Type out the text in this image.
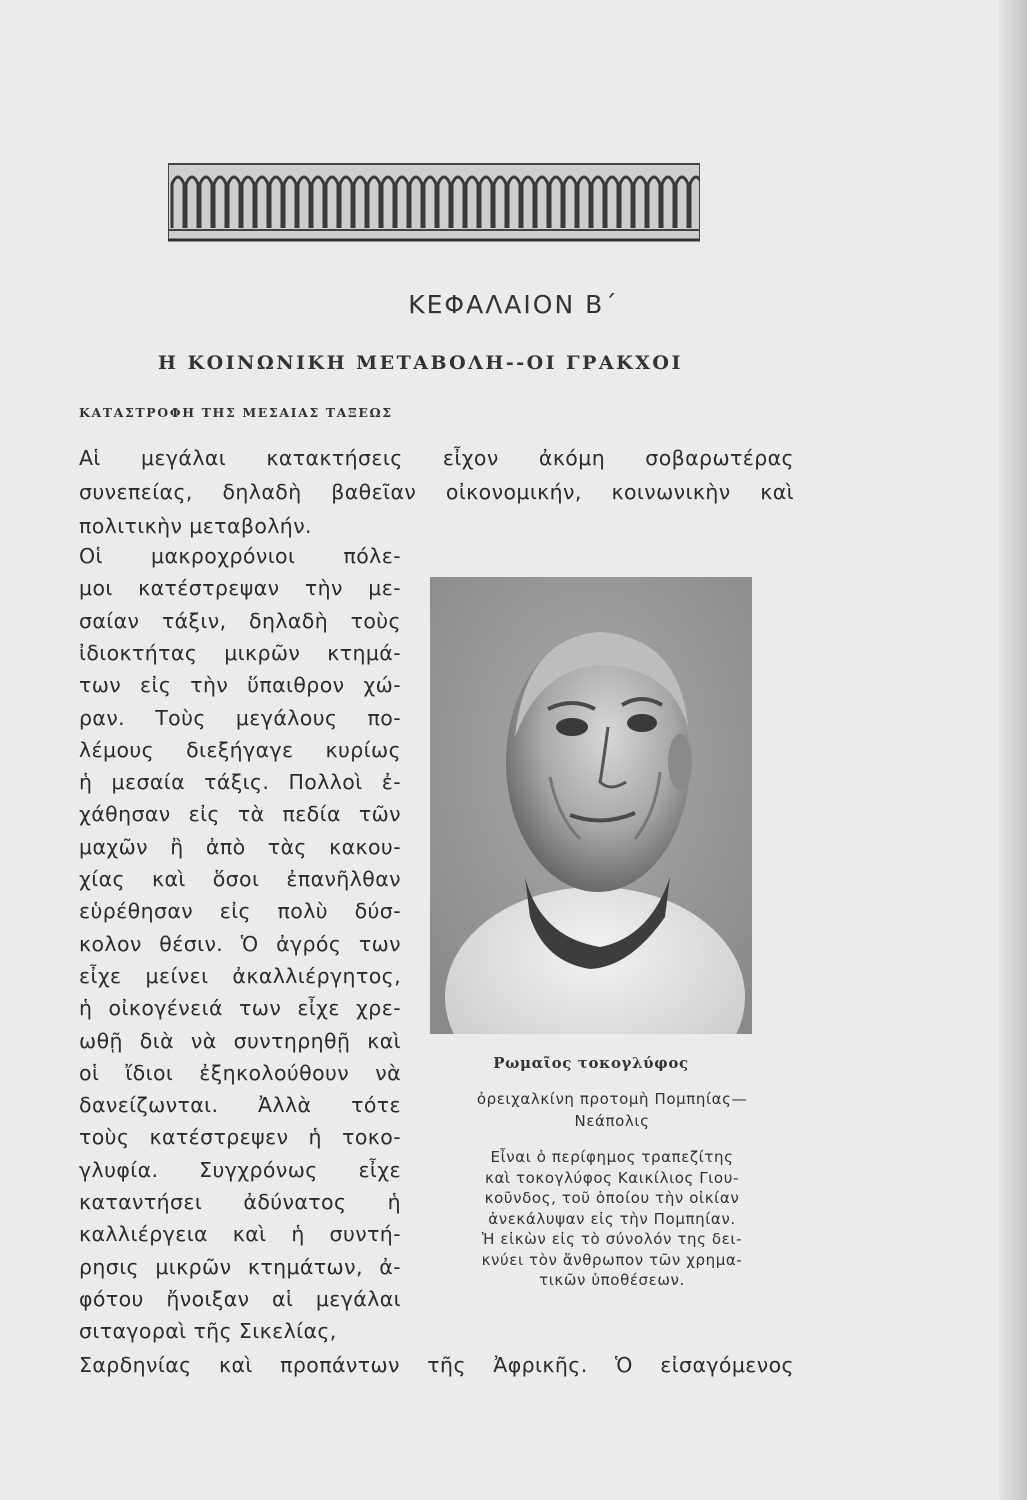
ΚΕΦΑΛΑΙΟΝ Β΄
Η ΚΟΙΝΩΝΙΚΗ ΜΕΤΑΒΟΛΗ--ΟΙ ΓΡΑΚΧΟΙ
ΚΑΤΑΣΤΡΟΦΗ ΤΗΣ ΜΕΣΑΙΑΣ ΤΑΞΕΩΣ
Αἱ μεγάλαι κατακτήσεις εἶχον ἀκόμη σοβαρωτέρας
συνεπείας, δηλαδὴ βαθεῖαν οἰκονομικήν, κοινωνικὴν καὶ
πολιτικὴν μεταβολήν.
Οἱ μακροχρόνιοι πόλε-
μοι κατέστρεψαν τὴν με-
σαίαν τάξιν, δηλαδὴ τοὺς
ἰδιοκτήτας μικρῶν κτημά-
των εἰς τὴν ὕπαιθρον χώ-
ραν. Τοὺς μεγάλους πο-
λέμους διεξήγαγε κυρίως
ἡ μεσαία τάξις. Πολλοὶ ἐ-
χάθησαν εἰς τὰ πεδία τῶν
μαχῶν ἢ ἀπὸ τὰς κακου-
χίας καὶ ὅσοι ἐπανῆλθαν
εὑρέθησαν εἰς πολὺ δύσ-
κολον θέσιν. Ὁ ἀγρός των
εἶχε μείνει ἀκαλλιέργητος,
ἡ οἰκογένειά των εἶχε χρε-
ωθῇ διὰ νὰ συντηρηθῇ καὶ
οἱ ἴδιοι ἐξηκολούθουν νὰ
δανείζωνται. Ἀλλὰ τότε
τοὺς κατέστρεψεν ἡ τοκο-
γλυφία. Συγχρόνως εἶχε
καταντήσει ἀδύνατος ἡ
καλλιέργεια καὶ ἡ συντή-
ρησις μικρῶν κτημάτων, ἀ-
φότου ἤνοιξαν αἱ μεγάλαι
σιταγοραὶ τῆς Σικελίας,
Ρωμαῖος τοκογλύφος
ὀρειχαλκίνη προτομὴ Πομπηίας—
Νεάπολις
Εἶναι ὁ περίφημος τραπεζίτης
καὶ τοκογλύφος Καικίλιος Γιου-
κοῦνδος, τοῦ ὁποίου τὴν οἰκίαν
ἀνεκάλυψαν εἰς τὴν Πομπηίαν.
Ἡ εἰκὼν εἰς τὸ σύνολόν της δει-
κνύει τὸν ἄνθρωπον τῶν χρημα-
τικῶν ὑποθέσεων.
Σαρδηνίας καὶ προπάντων τῆς Ἀφρικῆς. Ὁ εἰσαγόμενος
